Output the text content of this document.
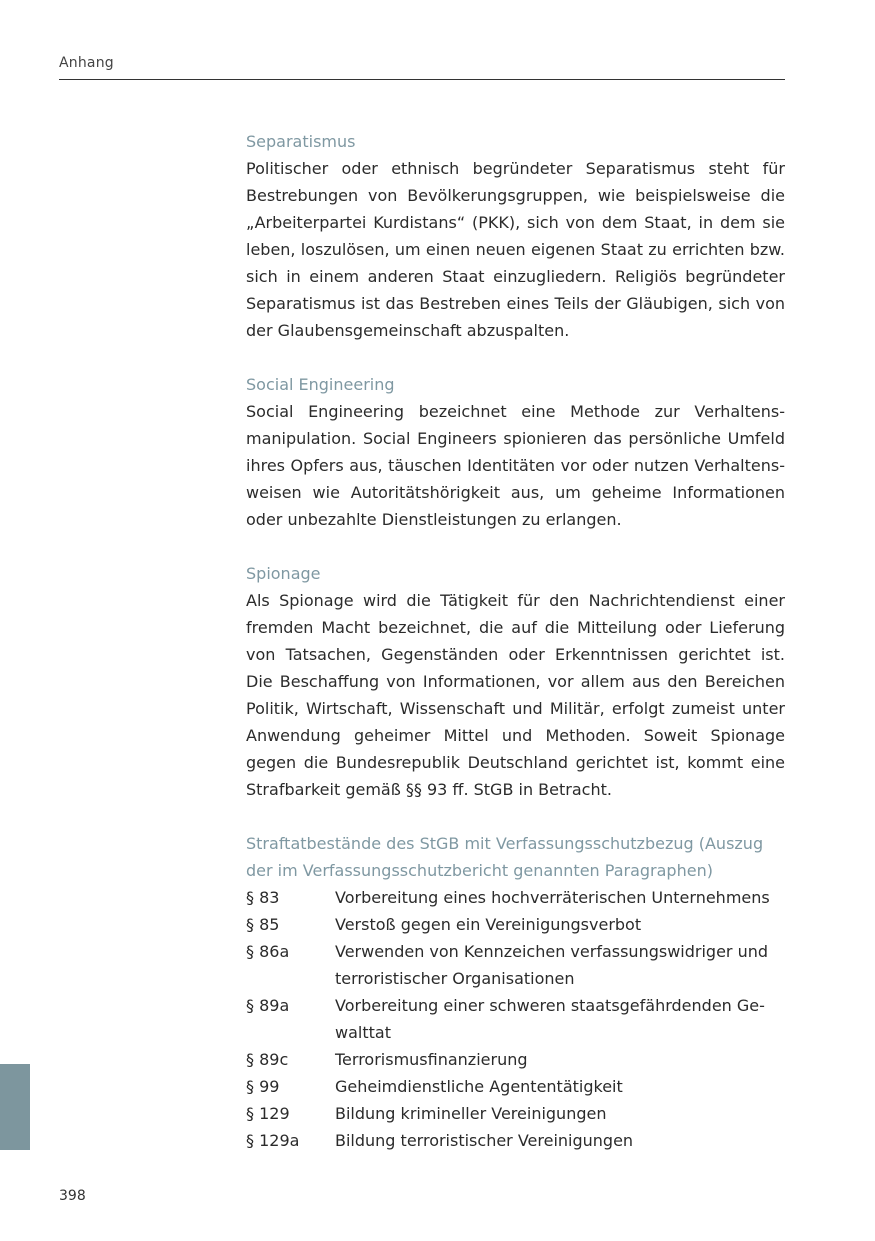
Anhang
Separatismus
Politischer oder ethnisch begründeter Separatismus steht für Bestrebungen von Bevölkerungsgruppen, wie beispielsweise die „Arbeiterpartei Kurdistans“ (PKK), sich von dem Staat, in dem sie leben, loszulösen, um einen neuen eigenen Staat zu errichten bzw. sich in einem anderen Staat einzugliedern. Religiös begründeter Separatismus ist das Bestreben eines Teils der Gläubigen, sich von der Glaubensgemeinschaft abzuspalten.
Social Engineering
Social Engineering bezeichnet eine Methode zur Verhaltensmanipulation. Social Engineers spionieren das persönliche Umfeld ihres Opfers aus, täuschen Identitäten vor oder nutzen Verhaltensweisen wie Autoritätshörigkeit aus, um geheime Informationen oder unbezahlte Dienstleistungen zu erlangen.
Spionage
Als Spionage wird die Tätigkeit für den Nachrichtendienst einer fremden Macht bezeichnet, die auf die Mitteilung oder Lieferung von Tatsachen, Gegenständen oder Erkenntnissen gerichtet ist. Die Beschaffung von Informationen, vor allem aus den Bereichen Politik, Wirtschaft, Wissenschaft und Militär, erfolgt zumeist unter Anwendung geheimer Mittel und Methoden. Soweit Spionage gegen die Bundesrepublik Deutschland gerichtet ist, kommt eine Strafbarkeit gemäß §§ 93 ff. StGB in Betracht.
Straftatbestände des StGB mit Verfassungsschutzbezug (Auszug der im Verfassungsschutzbericht genannten Paragraphen)
§ 83	Vorbereitung eines hochverräterischen Unternehmens
§ 85	Verstoß gegen ein Vereinigungsverbot
§ 86a	Verwenden von Kennzeichen verfassungswidriger und terroristischer Organisationen
§ 89a	Vorbereitung einer schweren staatsgefährdenden Gewalttat
§ 89c	Terrorismusfinanzierung
§ 99	Geheimdienstliche Agententätigkeit
§ 129	Bildung krimineller Vereinigungen
§ 129a	Bildung terroristischer Vereinigungen
398
